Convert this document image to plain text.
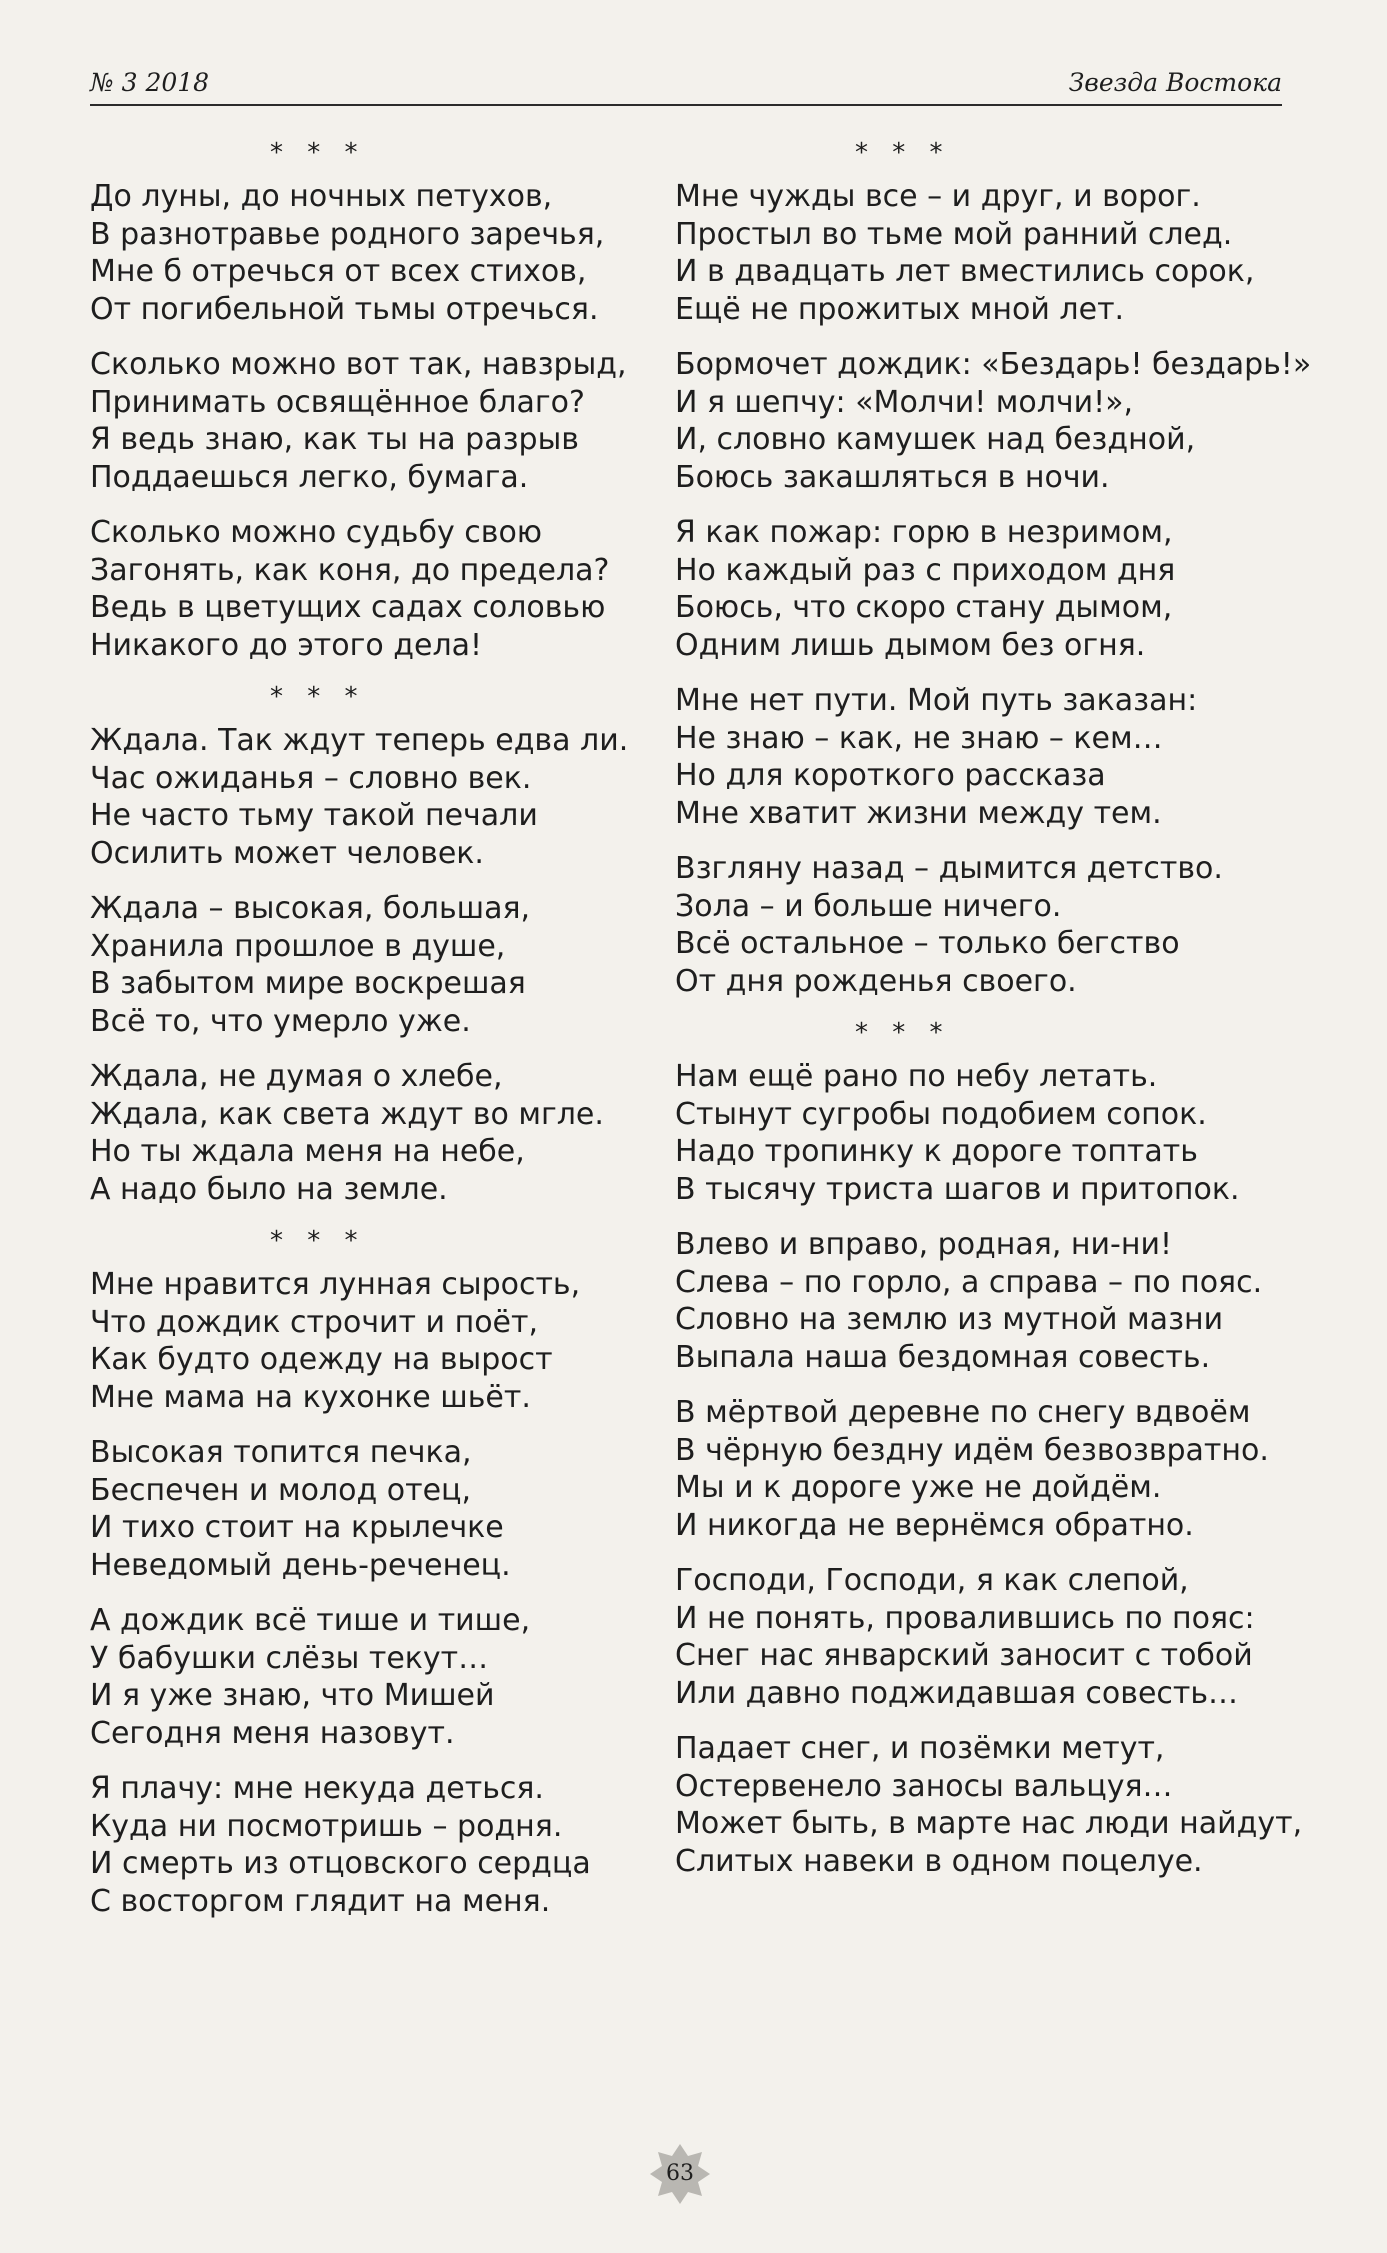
№ 3 2018	Звезда Востока
* * *
До луны, до ночных петухов,
В разнотравье родного заречья,
Мне б отречься от всех стихов,
От погибельной тьмы отречься.
Сколько можно вот так, навзрыд,
Принимать освящённое благо?
Я ведь знаю, как ты на разрыв
Поддаешься легко, бумага.
Сколько можно судьбу свою
Загонять, как коня, до предела?
Ведь в цветущих садах соловью
Никакого до этого дела!
* * *
Ждала. Так ждут теперь едва ли.
Час ожиданья – словно век.
Не часто тьму такой печали
Осилить может человек.
Ждала – высокая, большая,
Хранила прошлое в душе,
В забытом мире воскрешая
Всё то, что умерло уже.
Ждала, не думая о хлебе,
Ждала, как света ждут во мгле.
Но ты ждала меня на небе,
А надо было на земле.
* * *
Мне нравится лунная сырость,
Что дождик строчит и поёт,
Как будто одежду на вырост
Мне мама на кухонке шьёт.
Высокая топится печка,
Беспечен и молод отец,
И тихо стоит на крылечке
Неведомый день-реченец.
А дождик всё тише и тише,
У бабушки слёзы текут…
И я уже знаю, что Мишей
Сегодня меня назовут.
Я плачу: мне некуда деться.
Куда ни посмотришь – родня.
И смерть из отцовского сердца
С восторгом глядит на меня.
* * *
Мне чужды все – и друг, и ворог.
Простыл во тьме мой ранний след.
И в двадцать лет вместились сорок,
Ещё не прожитых мной лет.
Бормочет дождик: «Бездарь! бездарь!»
И я шепчу: «Молчи! молчи!»,
И, словно камушек над бездной,
Боюсь закашляться в ночи.
Я как пожар: горю в незримом,
Но каждый раз с приходом дня
Боюсь, что скоро стану дымом,
Одним лишь дымом без огня.
Мне нет пути. Мой путь заказан:
Не знаю – как, не знаю – кем…
Но для короткого рассказа
Мне хватит жизни между тем.
Взгляну назад – дымится детство.
Зола – и больше ничего.
Всё остальное – только бегство
От дня рожденья своего.
* * *
Нам ещё рано по небу летать.
Стынут сугробы подобием сопок.
Надо тропинку к дороге топтать
В тысячу триста шагов и притопок.
Влево и вправо, родная, ни-ни!
Слева – по горло, а справа – по пояс.
Словно на землю из мутной мазни
Выпала наша бездомная совесть.
В мёртвой деревне по снегу вдвоём
В чёрную бездну идём безвозвратно.
Мы и к дороге уже не дойдём.
И никогда не вернёмся обратно.
Господи, Господи, я как слепой,
И не понять, провалившись по пояс:
Снег нас январский заносит с тобой
Или давно поджидавшая совесть…
Падает снег, и позёмки метут,
Остервенело заносы вальцуя…
Может быть, в марте нас люди найдут,
Слитых навеки в одном поцелуе.
63
